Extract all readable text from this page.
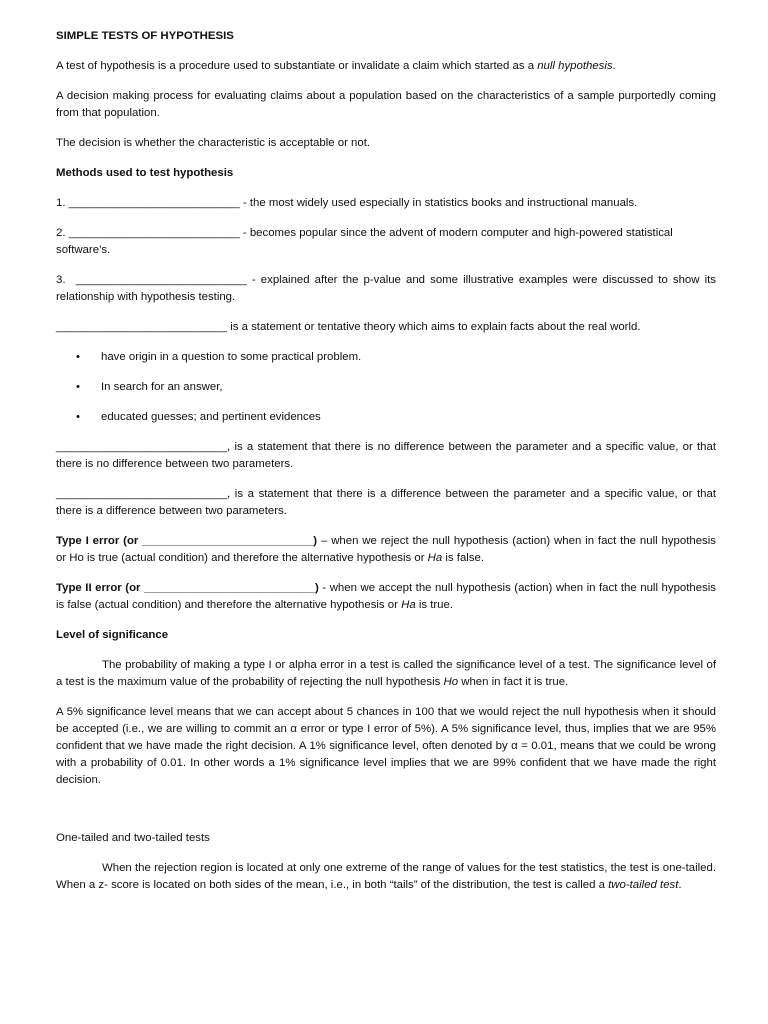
SIMPLE TESTS OF HYPOTHESIS

A test of hypothesis is a procedure used to substantiate or invalidate a claim which started as a null hypothesis.

A decision making process for evaluating claims about a population based on the characteristics of a sample purportedly coming from that population.

The decision is whether the characteristic is acceptable or not.

Methods used to test hypothesis

1. ___________________________ - the most widely used especially in statistics books and instructional manuals.

2. ___________________________ - becomes popular since the advent of modern computer and high-powered statistical software’s.

3. ___________________________ - explained after the p-value and some illustrative examples were discussed to show its relationship with hypothesis testing.

___________________________ is a statement or tentative theory which aims to explain facts about the real world.

• have origin in a question to some practical problem.
• In search for an answer,
• educated guesses; and pertinent evidences

___________________________, is a statement that there is no difference between the parameter and a specific value, or that there is no difference between two parameters.

___________________________, is a statement that there is a difference between the parameter and a specific value, or that there is a difference between two parameters.

Type I error (or ___________________________) – when we reject the null hypothesis (action) when in fact the null hypothesis or Ho is true (actual condition) and therefore the alternative hypothesis or Ha is false.

Type II error (or ___________________________) - when we accept the null hypothesis (action) when in fact the null hypothesis is false (actual condition) and therefore the alternative hypothesis or Ha is true.

Level of significance

The probability of making a type I or alpha error in a test is called the significance level of a test. The significance level of a test is the maximum value of the probability of rejecting the null hypothesis Ho when in fact it is true.

A 5% significance level means that we can accept about 5 chances in 100 that we would reject the null hypothesis when it should be accepted (i.e., we are willing to commit an α error or type I error of 5%). A 5% significance level, thus, implies that we are 95% confident that we have made the right decision. A 1% significance level, often denoted by α = 0.01, means that we could be wrong with a probability of 0.01. In other words a 1% significance level implies that we are 99% confident that we have made the right decision.

One-tailed and two-tailed tests

When the rejection region is located at only one extreme of the range of values for the test statistics, the test is one-tailed. When a z- score is located on both sides of the mean, i.e., in both “tails” of the distribution, the test is called a two-tailed test.
